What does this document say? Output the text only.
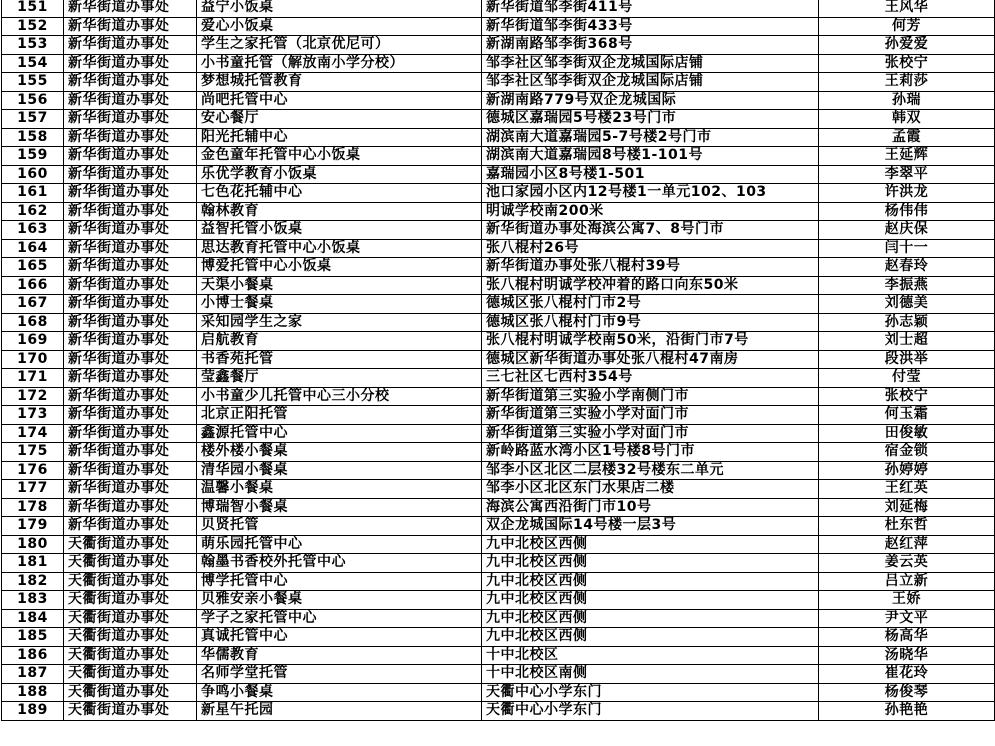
151	新华街道办事处	益宁小饭桌	新华街道邹李街411号	王风华
152	新华街道办事处	爱心小饭桌	新华街道邹李街433号	何芳
153	新华街道办事处	学生之家托管（北京优尼可）	新湖南路邹李街368号	孙爱爱
154	新华街道办事处	小书童托管（解放南小学分校）	邹李社区邹李街双企龙城国际店铺	张校宁
155	新华街道办事处	梦想城托管教育	邹李社区邹李街双企龙城国际店铺	王莉莎
156	新华街道办事处	尚吧托管中心	新湖南路779号双企龙城国际	孙瑞
157	新华街道办事处	安心餐厅	德城区嘉瑞园5号楼23号门市	韩双
158	新华街道办事处	阳光托辅中心	湖滨南大道嘉瑞园5-7号楼2号门市	孟霞
159	新华街道办事处	金色童年托管中心小饭桌	湖滨南大道嘉瑞园8号楼1-101号	王延辉
160	新华街道办事处	乐优学教育小饭桌	嘉瑞园小区8号楼1-501	李翠平
161	新华街道办事处	七色花托辅中心	池口家园小区内12号楼1一单元102、103	许洪龙
162	新华街道办事处	翰林教育	明诚学校南200米	杨伟伟
163	新华街道办事处	益智托管小饭桌	新华街道办事处海滨公寓7、8号门市	赵庆保
164	新华街道办事处	思达教育托管中心小饭桌	张八棍村26号	闫十一
165	新华街道办事处	博爱托管中心小饭桌	新华街道办事处张八棍村39号	赵春玲
166	新华街道办事处	天渠小餐桌	张八棍村明诚学校冲着的路口向东50米	李振燕
167	新华街道办事处	小博士餐桌	德城区张八棍村门市2号	刘德美
168	新华街道办事处	采知园学生之家	德城区张八棍村门市9号	孙志颖
169	新华街道办事处	启航教育	张八棍村明诚学校南50米，沿街门市7号	刘士超
170	新华街道办事处	书香苑托管	德城区新华街道办事处张八棍村47南房	段洪举
171	新华街道办事处	莹鑫餐厅	三七社区七西村354号	付莹
172	新华街道办事处	小书童少儿托管中心三小分校	新华街道第三实验小学南侧门市	张校宁
173	新华街道办事处	北京正阳托管	新华街道第三实验小学对面门市	何玉霜
174	新华街道办事处	鑫源托管中心	新华街道第三实验小学对面门市	田俊敏
175	新华街道办事处	楼外楼小餐桌	新岭路蓝水湾小区1号楼8号门市	宿金锁
176	新华街道办事处	清华园小餐桌	邹李小区北区二层楼32号楼东二单元	孙婷婷
177	新华街道办事处	温馨小餐桌	邹李小区北区东门水果店二楼	王红英
178	新华街道办事处	博瑞智小餐桌	海滨公寓西沿街门市10号	刘延梅
179	新华街道办事处	贝贤托管	双企龙城国际14号楼一层3号	杜东哲
180	天衢街道办事处	萌乐园托管中心	九中北校区西侧	赵红萍
181	天衢街道办事处	翰墨书香校外托管中心	九中北校区西侧	姜云英
182	天衢街道办事处	博学托管中心	九中北校区西侧	吕立新
183	天衢街道办事处	贝雅安亲小餐桌	九中北校区西侧	王娇
184	天衢街道办事处	学子之家托管中心	九中北校区西侧	尹文平
185	天衢街道办事处	真诚托管中心	九中北校区西侧	杨高华
186	天衢街道办事处	华儒教育	十中北校区	汤晓华
187	天衢街道办事处	名师学堂托管	十中北校区南侧	崔花玲
188	天衢街道办事处	争鸣小餐桌	天衢中心小学东门	杨俊琴
189	天衢街道办事处	新星午托园	天衢中心小学东门	孙艳艳
